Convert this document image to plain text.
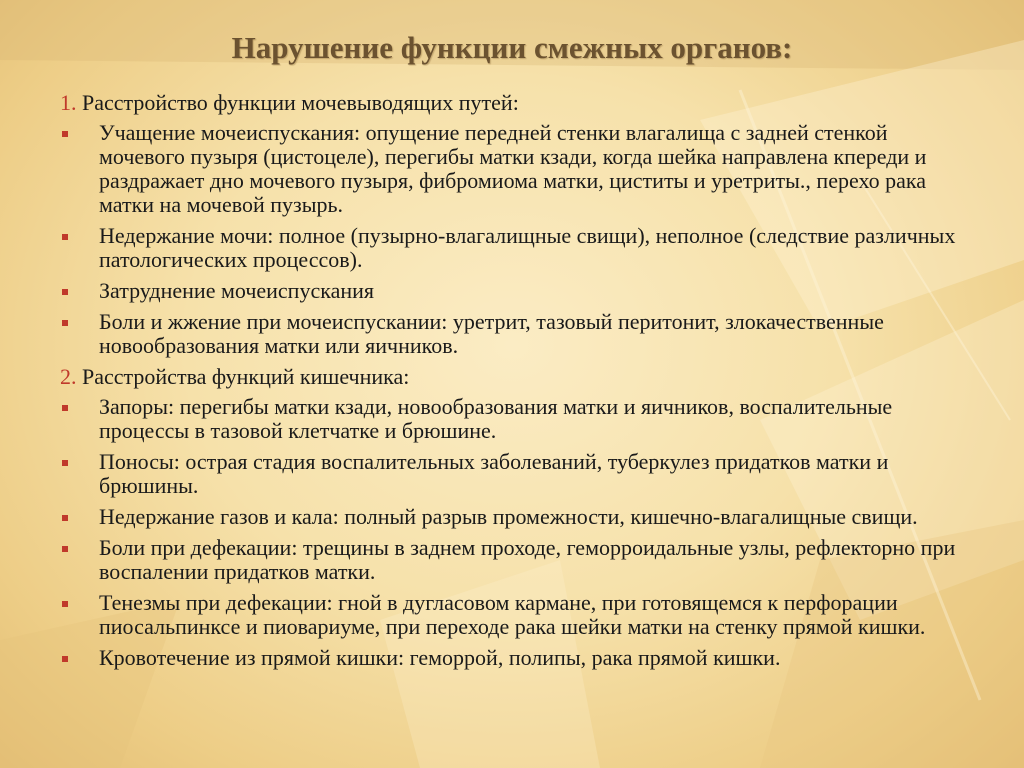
Нарушение функции смежных органов:
1. Расстройство функции мочевыводящих путей:
Учащение мочеиспускания: опущение передней стенки влагалища с задней стенкой мочевого пузыря (цистоцеле), перегибы матки кзади, когда шейка направлена кпереди и раздражает дно мочевого пузыря, фибромиома матки, циститы и уретриты., перехо рака матки на мочевой пузырь.
Недержание мочи: полное (пузырно-влагалищные свищи), неполное (следствие различных патологических процессов).
Затруднение мочеиспускания
Боли и жжение при мочеиспускании: уретрит, тазовый перитонит, злокачественные новообразования матки или яичников.
2. Расстройства функций кишечника:
Запоры: перегибы матки кзади, новообразования матки и яичников, воспалительные процессы в тазовой клетчатке и брюшине.
Поносы: острая стадия воспалительных заболеваний, туберкулез придатков матки и брюшины.
Недержание газов и кала: полный разрыв промежности, кишечно-влагалищные свищи.
Боли при дефекации: трещины в заднем проходе, геморроидальные узлы, рефлекторно при воспалении придатков матки.
Тенезмы при дефекации: гной в дугласовом кармане, при готовящемся к перфорации пиосальпинксе и пиовариуме, при переходе рака шейки матки на стенку прямой кишки.
Кровотечение из прямой кишки: геморрой, полипы, рака прямой кишки.
